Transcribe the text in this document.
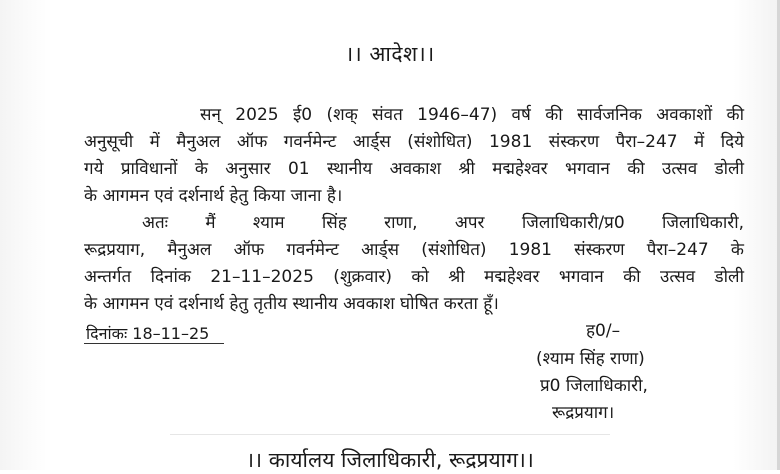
।। आदेश।।
सन् 2025 ई0 (शक् संवत 1946–47) वर्ष की सार्वजनिक अवकाशों की
अनुसूची में मैनुअल ऑफ गवर्नमेन्ट आर्ड्स (संशोधित) 1981 संस्करण पैरा–247 में दिये
गये प्राविधानों के अनुसार 01 स्थानीय अवकाश श्री मद्महेश्वर भगवान की उत्सव डोली
के आगमन एवं दर्शनार्थ हेतु किया जाना है।
अतः मैं श्याम सिंह राणा, अपर जिलाधिकारी/प्र0 जिलाधिकारी,
रूद्रप्रयाग, मैनुअल ऑफ गवर्नमेन्ट आर्ड्स (संशोधित) 1981 संस्करण पैरा–247 के
अन्तर्गत दिनांक 21–11–2025 (शुक्रवार) को श्री मद्महेश्वर भगवान की उत्सव डोली
के आगमन एवं दर्शनार्थ हेतु तृतीय स्थानीय अवकाश घोषित करता हूँ।
दिनांकः 18–11–25	ह0/–
(श्याम सिंह राणा)
प्र0 जिलाधिकारी,
रूद्रप्रयाग।
।। कार्यालय जिलाधिकारी, रूद्रप्रयाग।।
